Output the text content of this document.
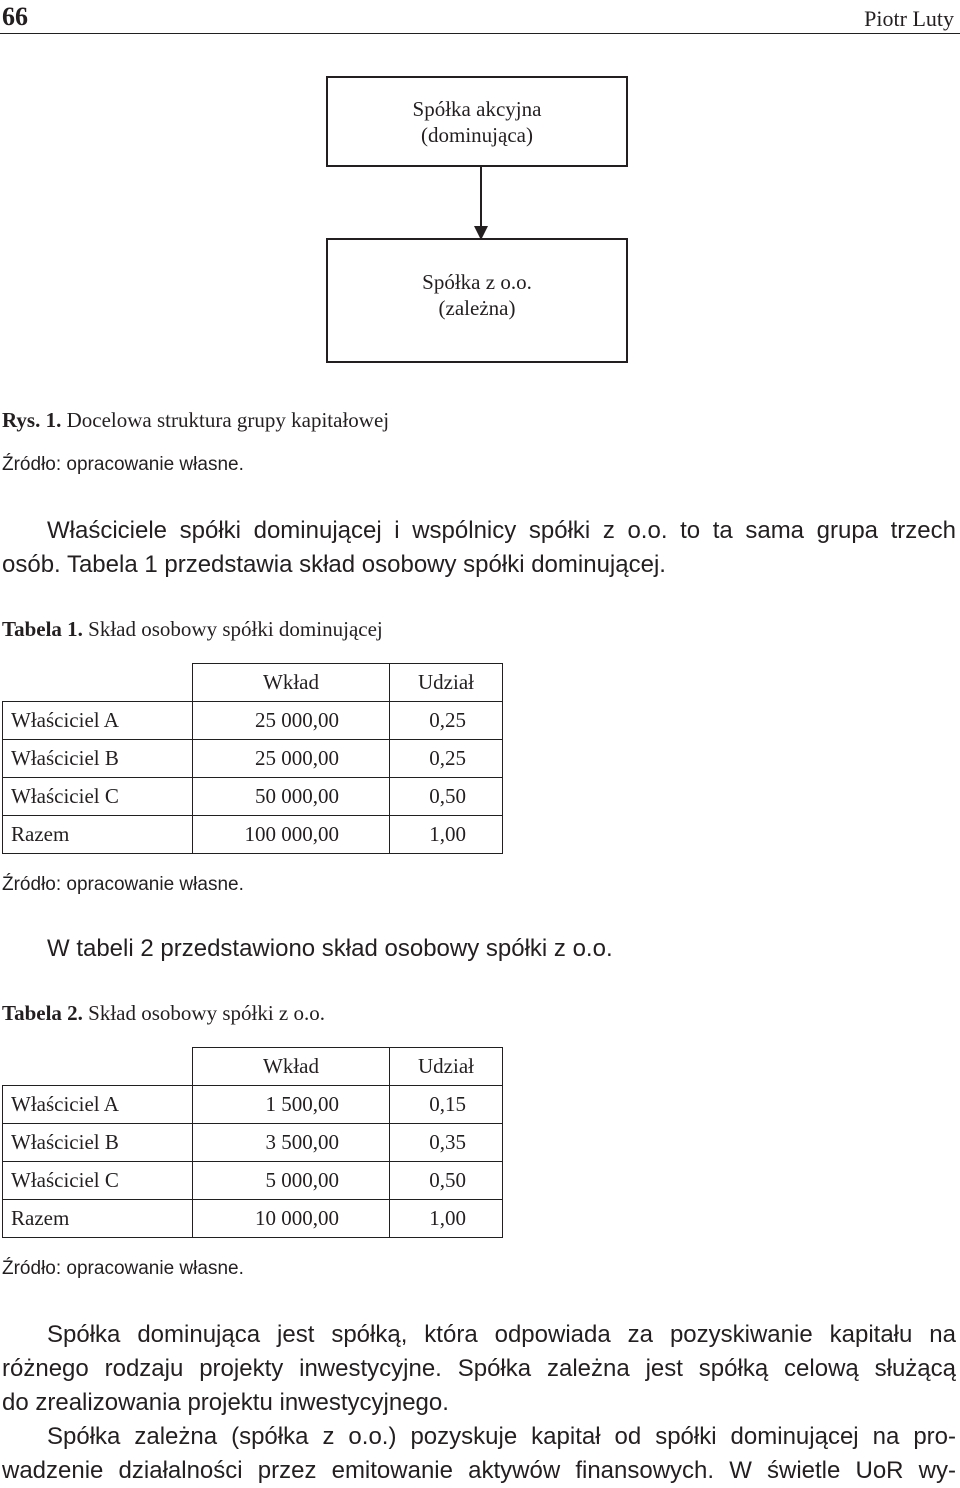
66	Piotr Luty
Spółka akcyjna
(dominująca)
Spółka z o.o.
(zależna)
Rys. 1. Docelowa struktura grupy kapitałowej
Źródło: opracowanie własne.
Właściciele spółki dominującej i wspólnicy spółki z o.o. to ta sama grupa trzech
osób. Tabela 1 przedstawia skład osobowy spółki dominującej.
Tabela 1. Skład osobowy spółki dominującej
	Wkład	Udział
Właściciel A	25 000,00	0,25
Właściciel B	25 000,00	0,25
Właściciel C	50 000,00	0,50
Razem	100 000,00	1,00
Źródło: opracowanie własne.
W tabeli 2 przedstawiono skład osobowy spółki z o.o.
Tabela 2. Skład osobowy spółki z o.o.
	Wkład	Udział
Właściciel A	1 500,00	0,15
Właściciel B	3 500,00	0,35
Właściciel C	5 000,00	0,50
Razem	10 000,00	1,00
Źródło: opracowanie własne.
Spółka dominująca jest spółką, która odpowiada za pozyskiwanie kapitału na
różnego rodzaju projekty inwestycyjne. Spółka zależna jest spółką celową służącą
do zrealizowania projektu inwestycyjnego.
Spółka zależna (spółka z o.o.) pozyskuje kapitał od spółki dominującej na pro-
wadzenie działalności przez emitowanie aktywów finansowych. W świetle UoR wy-
